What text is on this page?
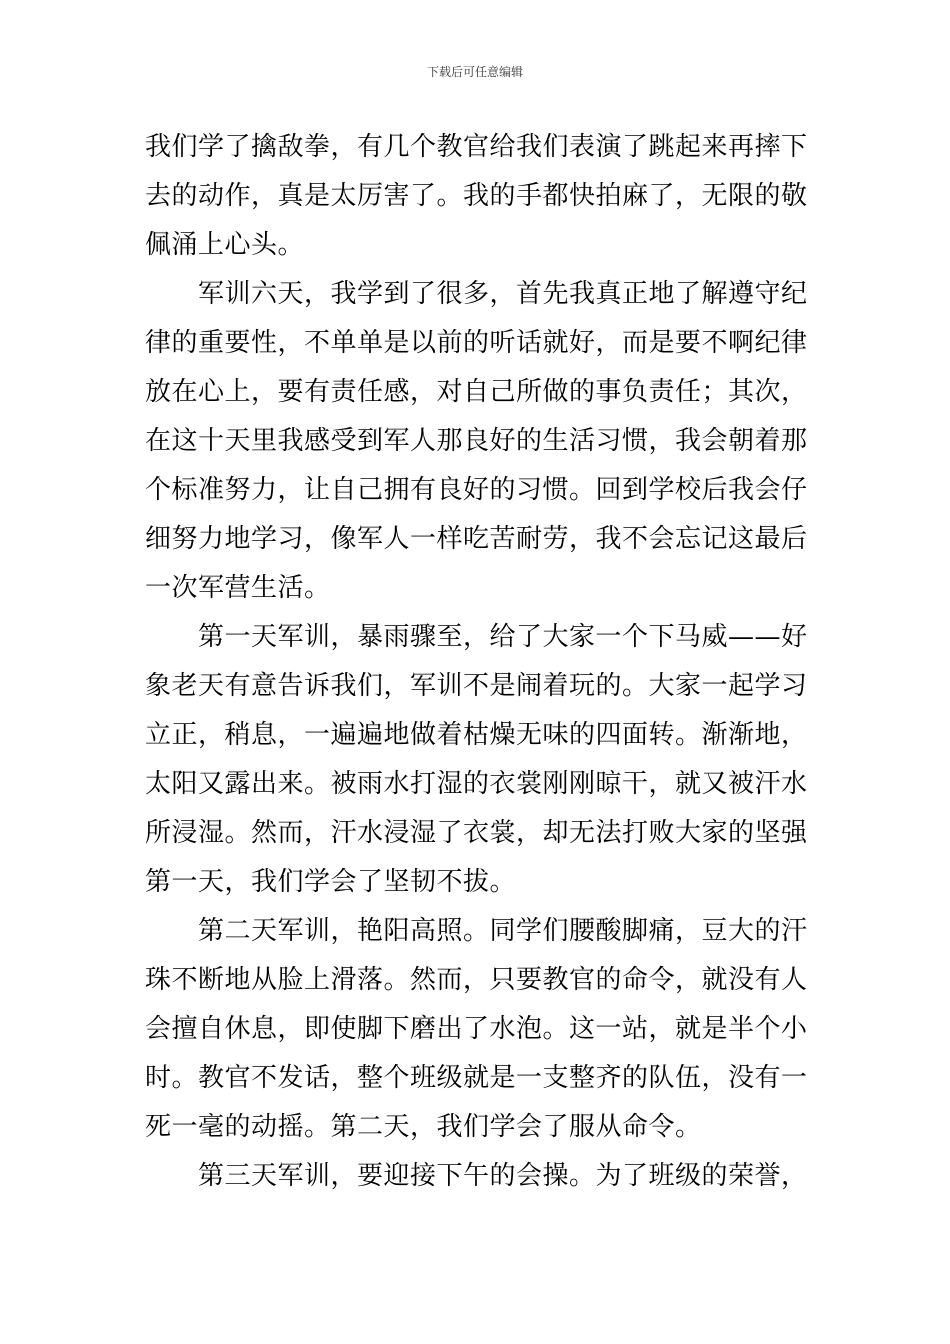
下载后可任意编辑
我们学了擒敌拳，有几个教官给我们表演了跳起来再摔下
去的动作，真是太厉害了。我的手都快拍麻了，无限的敬
佩涌上心头。
军训六天，我学到了很多，首先我真正地了解遵守纪
律的重要性，不单单是以前的听话就好，而是要不啊纪律
放在心上，要有责任感，对自己所做的事负责任；其次，
在这十天里我感受到军人那良好的生活习惯，我会朝着那
个标准努力，让自己拥有良好的习惯。回到学校后我会仔
细努力地学习，像军人一样吃苦耐劳，我不会忘记这最后
一次军营生活。
第一天军训，暴雨骤至，给了大家一个下马威——好
象老天有意告诉我们，军训不是闹着玩的。大家一起学习
立正，稍息，一遍遍地做着枯燥无味的四面转。渐渐地，
太阳又露出来。被雨水打湿的衣裳刚刚晾干，就又被汗水
所浸湿。然而，汗水浸湿了衣裳，却无法打败大家的坚强
第一天，我们学会了坚韧不拔。
第二天军训，艳阳高照。同学们腰酸脚痛，豆大的汗
珠不断地从脸上滑落。然而，只要教官的命令，就没有人
会擅自休息，即使脚下磨出了水泡。这一站，就是半个小
时。教官不发话，整个班级就是一支整齐的队伍，没有一
死一毫的动摇。第二天，我们学会了服从命令。
第三天军训，要迎接下午的会操。为了班级的荣誉，
